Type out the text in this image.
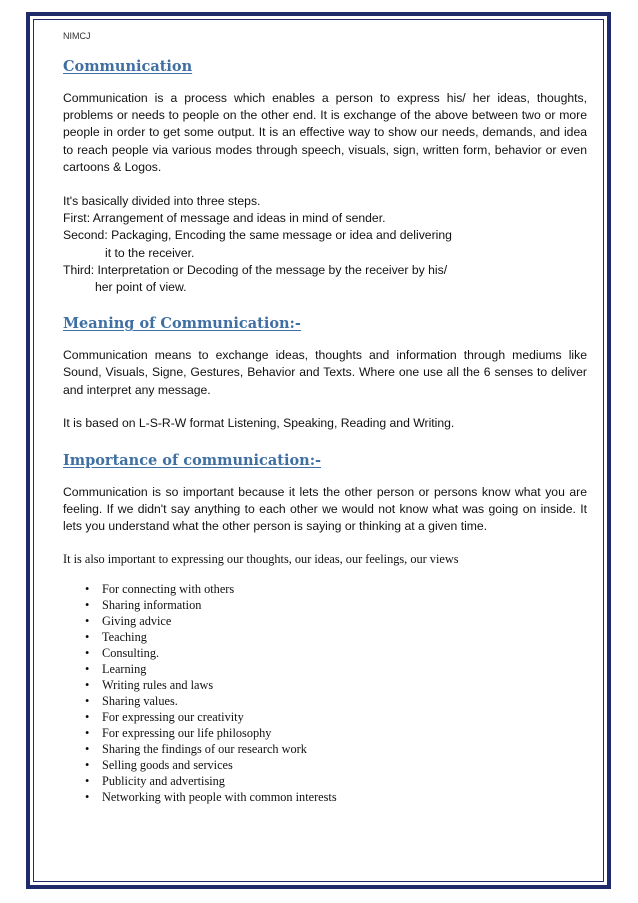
NIMCJ
Communication

Communication is a process which enables a person to express his/ her ideas, thoughts, problems or needs to people on the other end. It is exchange of the above between two or more people in order to get some output. It is an effective way to show our needs, demands, and idea to reach people via various modes through speech, visuals, sign, written form, behavior or even cartoons & Logos.

It's basically divided into three steps.

First: Arrangement of message and ideas in mind of sender.

Second: Packaging, Encoding the same message or idea and delivering

it to the receiver.

Third: Interpretation or Decoding of the message by the receiver by his/

her point of view.

Meaning of Communication:-

Communication means to exchange ideas, thoughts and information through mediums like Sound, Visuals, Signe, Gestures, Behavior and Texts. Where one use all the 6 senses to deliver and interpret any message.

It is based on L-S-R-W format Listening, Speaking, Reading and Writing.

Importance of communication:-

Communication is so important because it lets the other person or persons know what you are feeling. If we didn't say anything to each other we would not know what was going on inside. It lets you understand what the other person is saying or thinking at a given time.

It is also important to expressing our thoughts, our ideas, our feelings, our views

• For connecting with others
• Sharing information
• Giving advice
• Teaching
• Consulting.
• Learning
• Writing rules and laws
• Sharing values.
• For expressing our creativity
• For expressing our life philosophy
• Sharing the findings of our research work
• Selling goods and services
• Publicity and advertising
• Networking with people with common interests
